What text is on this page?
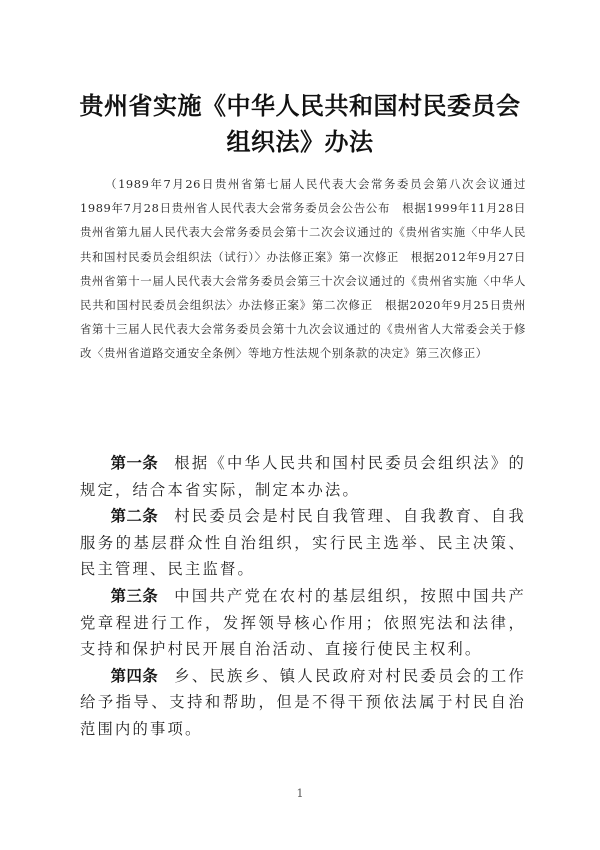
贵州省实施《中华人民共和国村民委员会
组织法》办法

（1989年7月26日贵州省第七届人民代表大会常务委员会第八次会议通过　1989年7月28日贵州省人民代表大会常务委员会公告公布　根据1999年11月28日贵州省第九届人民代表大会常务委员会第十二次会议通过的《贵州省实施〈中华人民共和国村民委员会组织法（试行）〉办法修正案》第一次修正　根据2012年9月27日贵州省第十一届人民代表大会常务委员会第三十次会议通过的《贵州省实施〈中华人民共和国村民委员会组织法〉办法修正案》第二次修正　根据2020年9月25日贵州省第十三届人民代表大会常务委员会第十九次会议通过的《贵州省人大常委会关于修改〈贵州省道路交通安全条例〉等地方性法规个别条款的决定》第三次修正）

第一条 根据《中华人民共和国村民委员会组织法》的规定，结合本省实际，制定本办法。

第二条 村民委员会是村民自我管理、自我教育、自我服务的基层群众性自治组织，实行民主选举、民主决策、民主管理、民主监督。

第三条 中国共产党在农村的基层组织，按照中国共产党章程进行工作，发挥领导核心作用；依照宪法和法律，支持和保护村民开展自治活动、直接行使民主权利。

第四条 乡、民族乡、镇人民政府对村民委员会的工作给予指导、支持和帮助，但是不得干预依法属于村民自治范围内的事项。

1
